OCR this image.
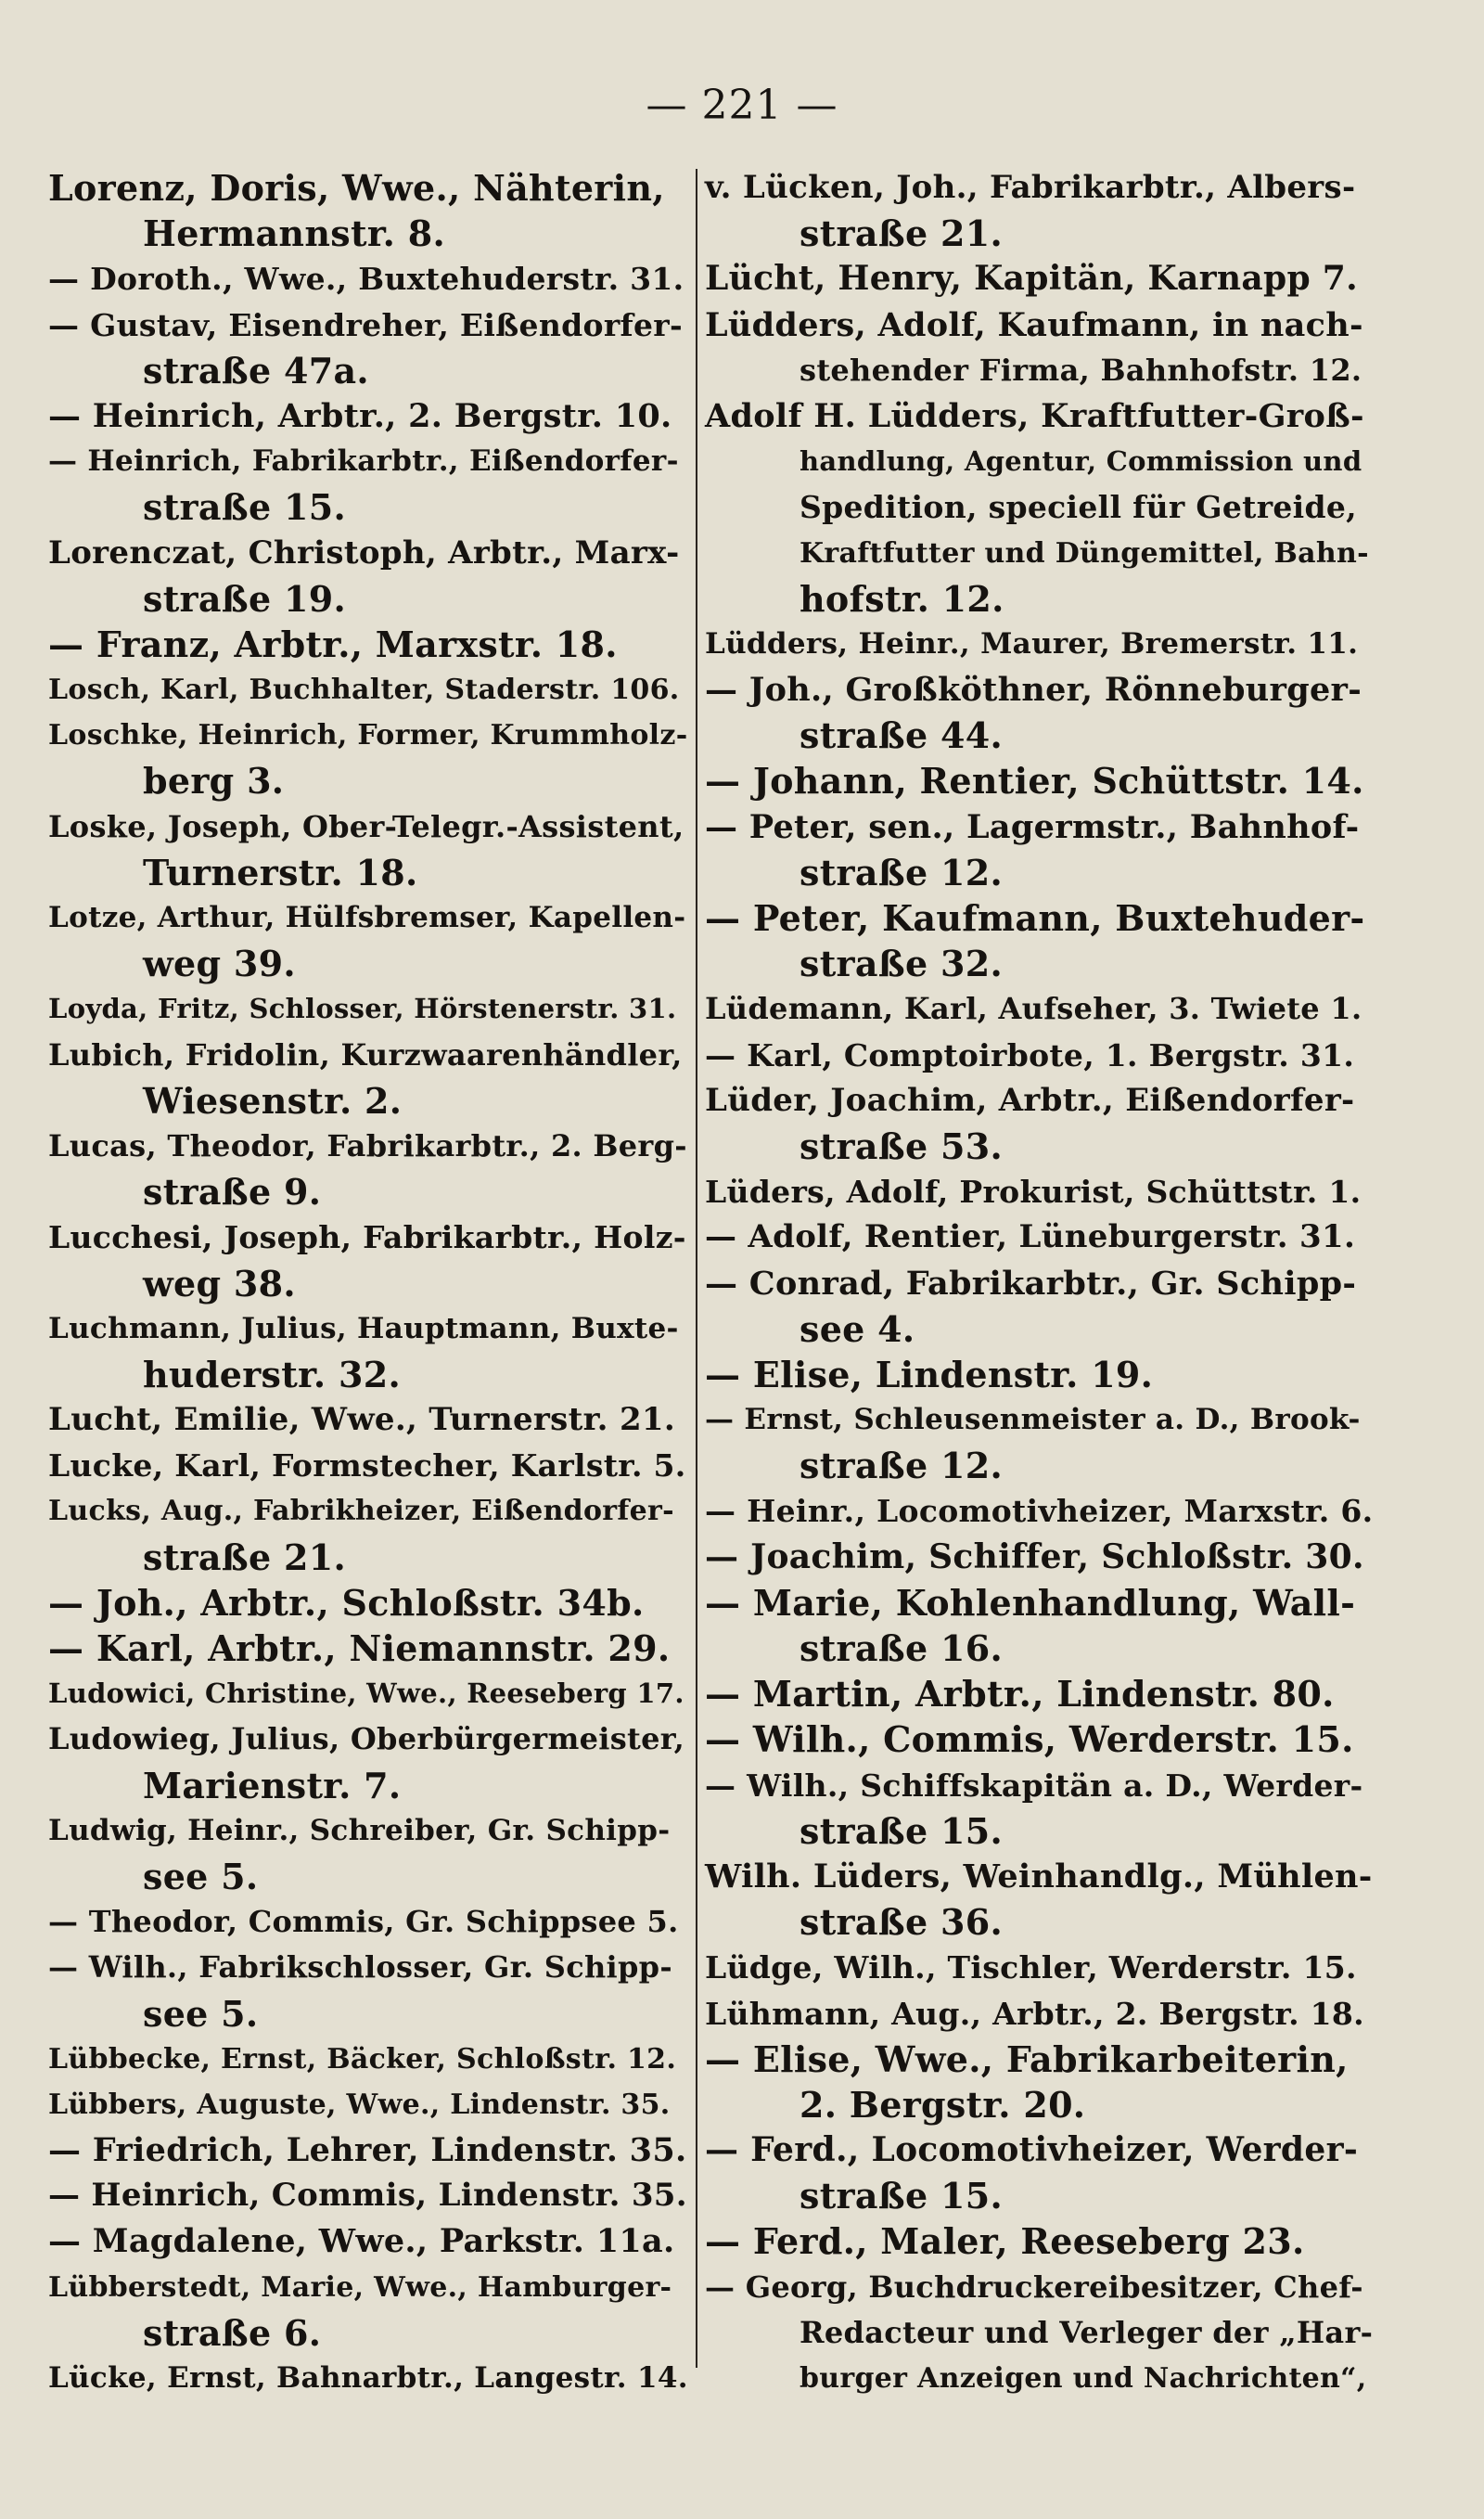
— 221 —
Lorenz, Doris, Wwe., Nähterin,
Hermannstr. 8.
— Doroth., Wwe., Buxtehuderstr. 31.
— Gustav, Eisendreher, Eißendorfer-
straße 47a.
— Heinrich, Arbtr., 2. Bergstr. 10.
— Heinrich, Fabrikarbtr., Eißendorfer-
straße 15.
Lorenczat, Christoph, Arbtr., Marx-
straße 19.
— Franz, Arbtr., Marxstr. 18.
Losch, Karl, Buchhalter, Staderstr. 106.
Loschke, Heinrich, Former, Krummholz-
berg 3.
Loske, Joseph, Ober-Telegr.-Assistent,
Turnerstr. 18.
Lotze, Arthur, Hülfsbremser, Kapellen-
weg 39.
Loyda, Fritz, Schlosser, Hörstenerstr. 31.
Lubich, Fridolin, Kurzwaarenhändler,
Wiesenstr. 2.
Lucas, Theodor, Fabrikarbtr., 2. Berg-
straße 9.
Lucchesi, Joseph, Fabrikarbtr., Holz-
weg 38.
Luchmann, Julius, Hauptmann, Buxte-
huderstr. 32.
Lucht, Emilie, Wwe., Turnerstr. 21.
Lucke, Karl, Formstecher, Karlstr. 5.
Lucks, Aug., Fabrikheizer, Eißendorfer-
straße 21.
— Joh., Arbtr., Schloßstr. 34b.
— Karl, Arbtr., Niemannstr. 29.
Ludowici, Christine, Wwe., Reeseberg 17.
Ludowieg, Julius, Oberbürgermeister,
Marienstr. 7.
Ludwig, Heinr., Schreiber, Gr. Schipp-
see 5.
— Theodor, Commis, Gr. Schippsee 5.
— Wilh., Fabrikschlosser, Gr. Schipp-
see 5.
Lübbecke, Ernst, Bäcker, Schloßstr. 12.
Lübbers, Auguste, Wwe., Lindenstr. 35.
— Friedrich, Lehrer, Lindenstr. 35.
— Heinrich, Commis, Lindenstr. 35.
— Magdalene, Wwe., Parkstr. 11a.
Lübberstedt, Marie, Wwe., Hamburger-
straße 6.
Lücke, Ernst, Bahnarbtr., Langestr. 14.
v. Lücken, Joh., Fabrikarbtr., Albers-
straße 21.
Lücht, Henry, Kapitän, Karnapp 7.
Lüdders, Adolf, Kaufmann, in nach-
stehender Firma, Bahnhofstr. 12.
Adolf H. Lüdders, Kraftfutter-Groß-
handlung, Agentur, Commission und
Spedition, speciell für Getreide,
Kraftfutter und Düngemittel, Bahn-
hofstr. 12.
Lüdders, Heinr., Maurer, Bremerstr. 11.
— Joh., Großköthner, Rönneburger-
straße 44.
— Johann, Rentier, Schüttstr. 14.
— Peter, sen., Lagermstr., Bahnhof-
straße 12.
— Peter, Kaufmann, Buxtehuder-
straße 32.
Lüdemann, Karl, Aufseher, 3. Twiete 1.
— Karl, Comptoirbote, 1. Bergstr. 31.
Lüder, Joachim, Arbtr., Eißendorfer-
straße 53.
Lüders, Adolf, Prokurist, Schüttstr. 1.
— Adolf, Rentier, Lüneburgerstr. 31.
— Conrad, Fabrikarbtr., Gr. Schipp-
see 4.
— Elise, Lindenstr. 19.
— Ernst, Schleusenmeister a. D., Brook-
straße 12.
— Heinr., Locomotivheizer, Marxstr. 6.
— Joachim, Schiffer, Schloßstr. 30.
— Marie, Kohlenhandlung, Wall-
straße 16.
— Martin, Arbtr., Lindenstr. 80.
— Wilh., Commis, Werderstr. 15.
— Wilh., Schiffskapitän a. D., Werder-
straße 15.
Wilh. Lüders, Weinhandlg., Mühlen-
straße 36.
Lüdge, Wilh., Tischler, Werderstr. 15.
Lühmann, Aug., Arbtr., 2. Bergstr. 18.
— Elise, Wwe., Fabrikarbeiterin,
2. Bergstr. 20.
— Ferd., Locomotivheizer, Werder-
straße 15.
— Ferd., Maler, Reeseberg 23.
— Georg, Buchdruckereibesitzer, Chef-
Redacteur und Verleger der „Har-
burger Anzeigen und Nachrichten“,
